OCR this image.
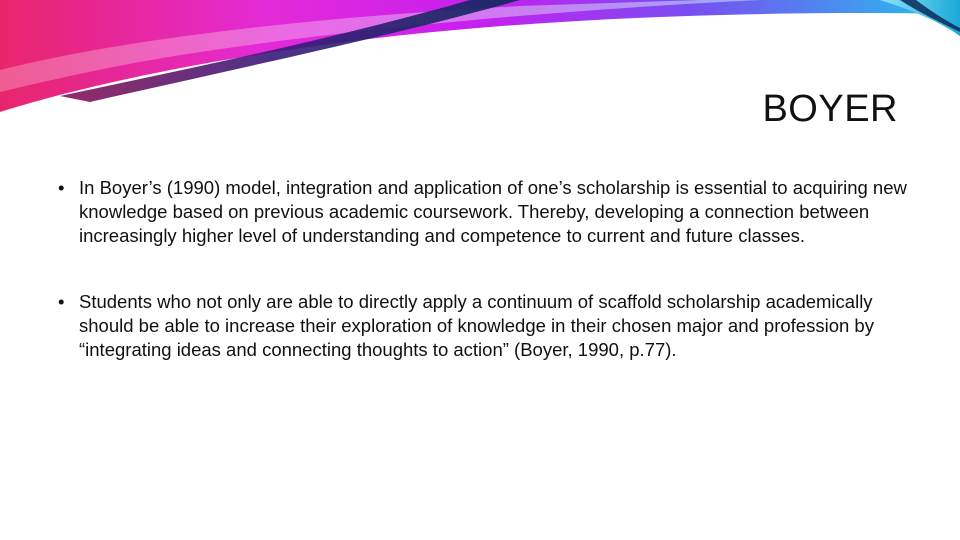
BOYER
• In Boyer’s (1990) model, integration and application of one’s scholarship is essential to acquiring new knowledge based on previous academic coursework. Thereby, developing a connection between increasingly higher level of understanding and competence to current and future classes.
• Students who not only are able to directly apply a continuum of scaffold scholarship academically should be able to increase their exploration of knowledge in their chosen major and profession by “integrating ideas and connecting thoughts to action” (Boyer, 1990, p.77).
